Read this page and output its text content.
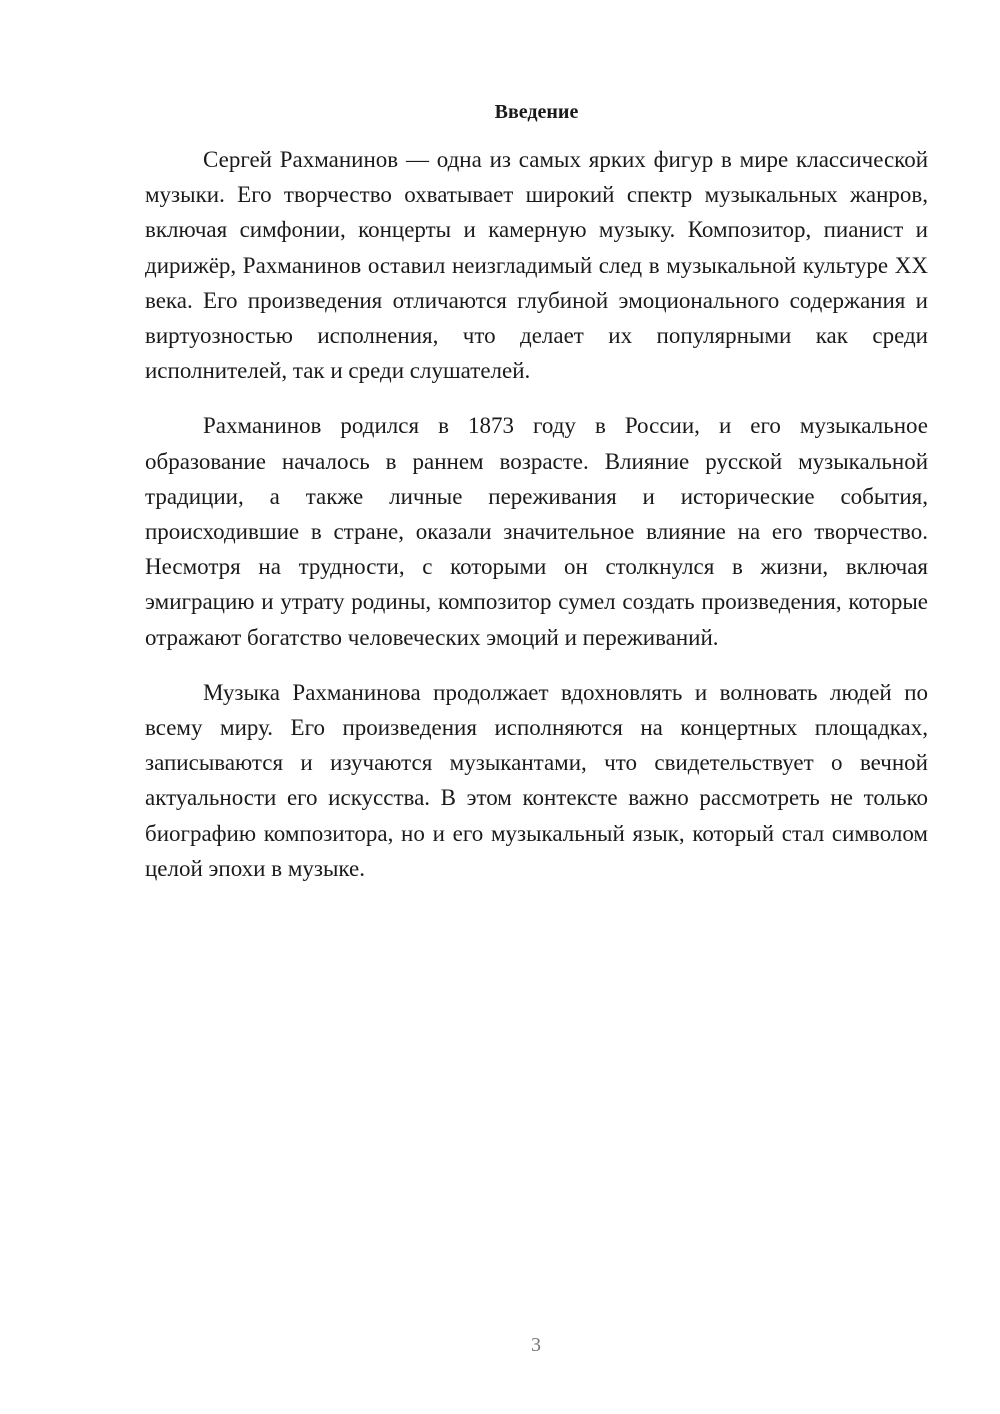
Введение

Сергей Рахманинов — одна из самых ярких фигур в мире классической музыки. Его творчество охватывает широкий спектр музыкальных жанров, включая симфонии, концерты и камерную музыку. Композитор, пианист и дирижёр, Рахманинов оставил неизгладимый след в музыкальной культуре XX века. Его произведения отличаются глубиной эмоционального содержания и виртуозностью исполнения, что делает их популярными как среди исполнителей, так и среди слушателей.

Рахманинов родился в 1873 году в России, и его музыкальное образование началось в раннем возрасте. Влияние русской музыкальной традиции, а также личные переживания и исторические события, происходившие в стране, оказали значительное влияние на его творчество. Несмотря на трудности, с которыми он столкнулся в жизни, включая эмиграцию и утрату родины, композитор сумел создать произведения, которые отражают богатство человеческих эмоций и переживаний.

Музыка Рахманинова продолжает вдохновлять и волновать людей по всему миру. Его произведения исполняются на концертных площадках, записываются и изучаются музыкантами, что свидетельствует о вечной актуальности его искусства. В этом контексте важно рассмотреть не только биографию композитора, но и его музыкальный язык, который стал символом целой эпохи в музыке.

3
